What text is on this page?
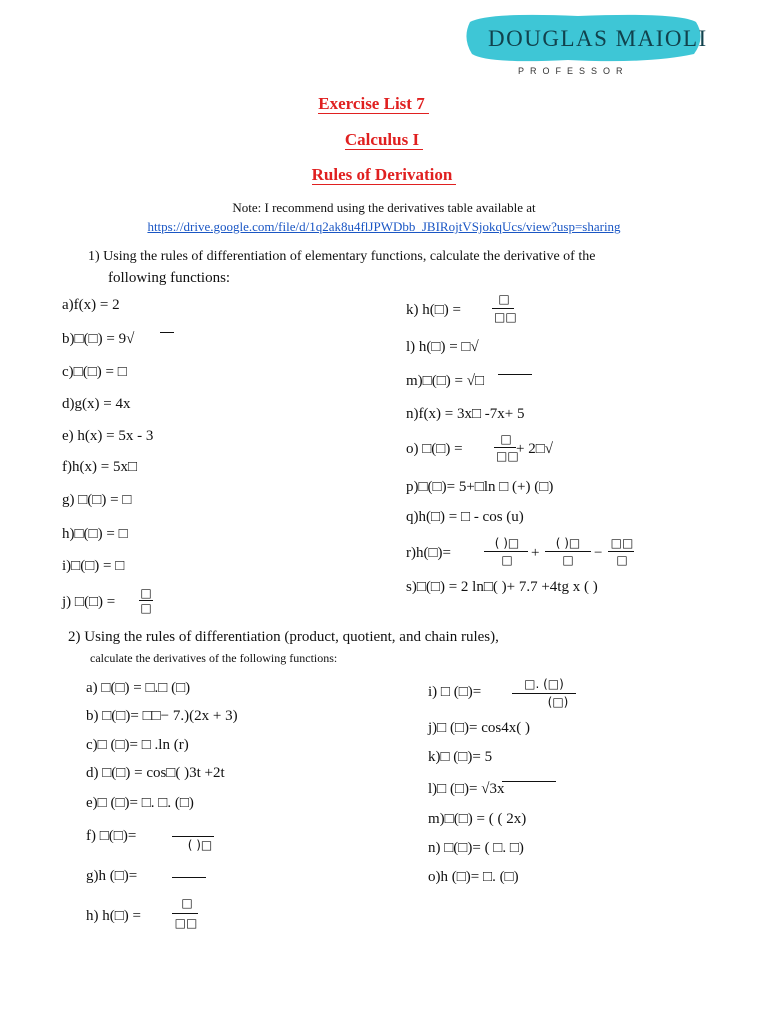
DOUGLAS MAIOLI
PROFESSOR
Exercise List 7
Calculus I
Rules of Derivation
Note: I recommend using the derivatives table available at
https://drive.google.com/file/d/1q2ak8u4flJPWDbb_JBIRojtVSjokqUcs/view?usp=sharing
1) Using the rules of differentiation of elementary functions, calculate the derivative of the
following functions:
a)f(x) = 2
b)□(□) = 9√
c)□(□) = □
d)g(x) = 4x
e) h(x) = 5x - 3
f)h(x) = 5x□
g) □(□) = □
h)□(□) = □
i)□(□) = □
j) □(□) =
□
□
k) h(□) =
□
□□
l) h(□) = □√
m)□(□) = √□
n)f(x) = 3x□ -7x+ 5
o) □(□) =
□
□□
+ 2□√
p)□(□)= 5+□ln □ (+) (□)
q)h(□) = □ - cos (u)
r)h(□)=
( )□
□	+
( )□
□	−
□□
□
s)□(□) = 2 ln□( )+ 7.7 +4tg x ( )
2) Using the rules of differentiation (product, quotient, and chain rules),
calculate the derivatives of the following functions:
a) □(□) = □.□ (□)
b) □(□)= □□− 7.)(2x + 3)
c)□ (□)= □ .ln (r)
d) □(□) = cos□( )3t +2t
e)□ (□)= □. □. (□)
f) □(□)=
( )□
g)h (□)=
h) h(□) =
□
□□
i) □ (□)=	□. (□)
(□)
j)□ (□)= cos4x( )
k)□ (□)= 5
l)□ (□)= √3x
m)□(□) = ( ( 2x)
n) □(□)= ( □. □)
o)h (□)= □. (□)
